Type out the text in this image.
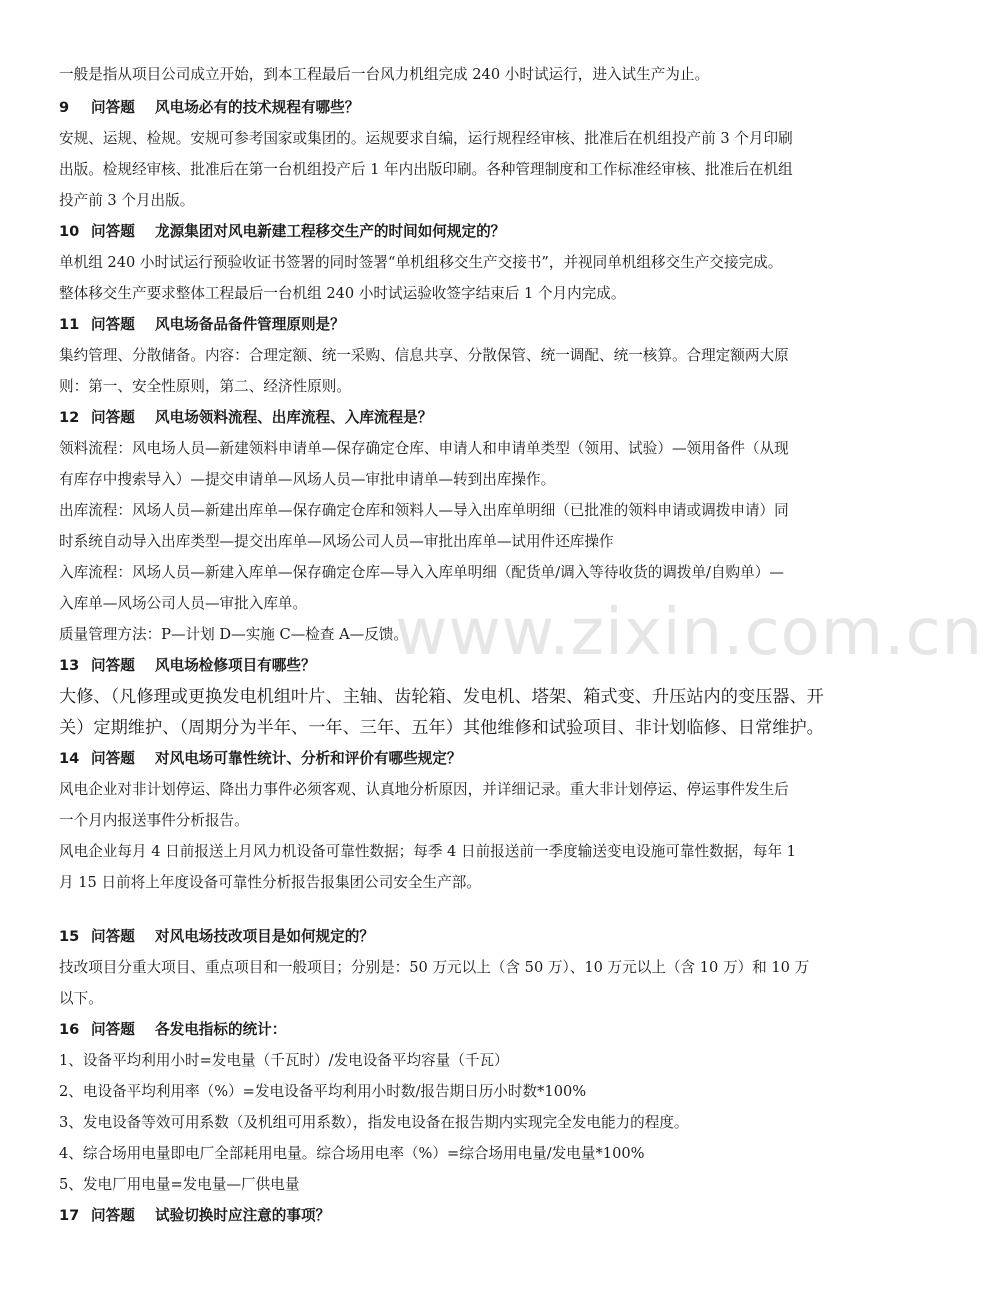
www.zixin.com.cn
一般是指从项目公司成立开始，到本工程最后一台风力机组完成 240 小时试运行，进入试生产为止。
9 问答题 风电场必有的技术规程有哪些？
安规、运规、检规。安规可参考国家或集团的。运规要求自编，运行规程经审核、批准后在机组投产前 3 个月印刷
出版。检规经审核、批准后在第一台机组投产后 1 年内出版印刷。各种管理制度和工作标准经审核、批准后在机组
投产前 3 个月出版。
10 问答题 龙源集团对风电新建工程移交生产的时间如何规定的？
单机组 240 小时试运行预验收证书签署的同时签署“单机组移交生产交接书”，并视同单机组移交生产交接完成。
整体移交生产要求整体工程最后一台机组 240 小时试运验收签字结束后 1 个月内完成。
11 问答题 风电场备品备件管理原则是？
集约管理、分散储备。内容：合理定额、统一采购、信息共享、分散保管、统一调配、统一核算。合理定额两大原
则：第一、安全性原则，第二、经济性原则。
12 问答题 风电场领料流程、出库流程、入库流程是？
领料流程：风电场人员—新建领料申请单—保存确定仓库、申请人和申请单类型（领用、试验）—领用备件（从现
有库存中搜索导入）—提交申请单—风场人员—审批申请单—转到出库操作。
出库流程：风场人员—新建出库单—保存确定仓库和领料人—导入出库单明细（已批准的领料申请或调拨申请）同
时系统自动导入出库类型—提交出库单—风场公司人员—审批出库单—试用件还库操作
入库流程：风场人员—新建入库单—保存确定仓库—导入入库单明细（配货单/调入等待收货的调拨单/自购单）—
入库单—风场公司人员—审批入库单。
质量管理方法：P—计划 D—实施 C—检查 A—反馈。
13 问答题 风电场检修项目有哪些？
大修、（凡修理或更换发电机组叶片、主轴、齿轮箱、发电机、塔架、箱式变、升压站内的变压器、开
关）定期维护、（周期分为半年、一年、三年、五年）其他维修和试验项目、非计划临修、日常维护。
14 问答题 对风电场可靠性统计、分析和评价有哪些规定？
风电企业对非计划停运、降出力事件必须客观、认真地分析原因，并详细记录。重大非计划停运、停运事件发生后
一个月内报送事件分析报告。
风电企业每月 4 日前报送上月风力机设备可靠性数据；每季 4 日前报送前一季度输送变电设施可靠性数据，每年 1
月 15 日前将上年度设备可靠性分析报告报集团公司安全生产部。
15 问答题 对风电场技改项目是如何规定的？
技改项目分重大项目、重点项目和一般项目；分别是：50 万元以上（含 50 万）、10 万元以上（含 10 万）和 10 万
以下。
16 问答题 各发电指标的统计：
1、设备平均利用小时=发电量（千瓦时）/发电设备平均容量（千瓦）
2、电设备平均利用率（%）=发电设备平均利用小时数/报告期日历小时数*100%
3、发电设备等效可用系数（及机组可用系数），指发电设备在报告期内实现完全发电能力的程度。
4、综合场用电量即电厂全部耗用电量。综合场用电率（%）=综合场用电量/发电量*100%
5、发电厂用电量=发电量—厂供电量
17 问答题 试验切换时应注意的事项？
